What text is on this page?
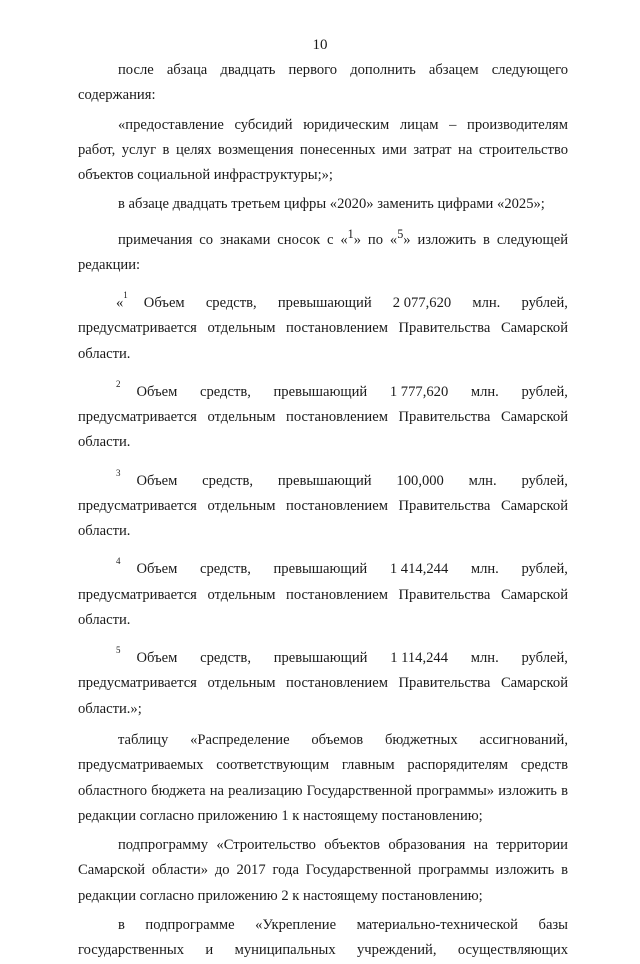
10

после абзаца двадцать первого дополнить абзацем следующего содержания:

«предоставление субсидий юридическим лицам – производителям работ, услуг в целях возмещения понесенных ими затрат на строительство объектов социальной инфраструктуры;»;

в абзаце двадцать третьем цифры «2020» заменить цифрами «2025»;

примечания со знаками сносок с «$^1$» по «$^5$» изложить в следующей редакции:

«$^1$ Объем средств, превышающий 2 077,620 млн. рублей,
предусматривается отдельным постановлением Правительства Самарской
области.
$^2$ Объем средств, превышающий 1 777,620 млн. рублей,
предусматривается отдельным постановлением Правительства Самарской
области.
$^3$ Объем средств, превышающий 100,000 млн. рублей,
предусматривается отдельным постановлением Правительства Самарской
области.
$^4$ Объем средств, превышающий 1 414,244 млн. рублей,
предусматривается отдельным постановлением Правительства Самарской
области.
$^5$ Объем средств, превышающий 1 114,244 млн. рублей,
предусматривается отдельным постановлением Правительства Самарской
области.»;

таблицу «Распределение объемов бюджетных ассигнований, предусматриваемых соответствующим главным распорядителям средств областного бюджета на реализацию Государственной программы» изложить в редакции согласно приложению 1 к настоящему постановлению;

подпрограмму «Строительство объектов образования на территории Самарской области» до 2017 года Государственной программы изложить в редакции согласно приложению 2 к настоящему постановлению;

в подпрограмме «Укрепление материально-технической базы государственных и муниципальных учреждений, осуществляющих
